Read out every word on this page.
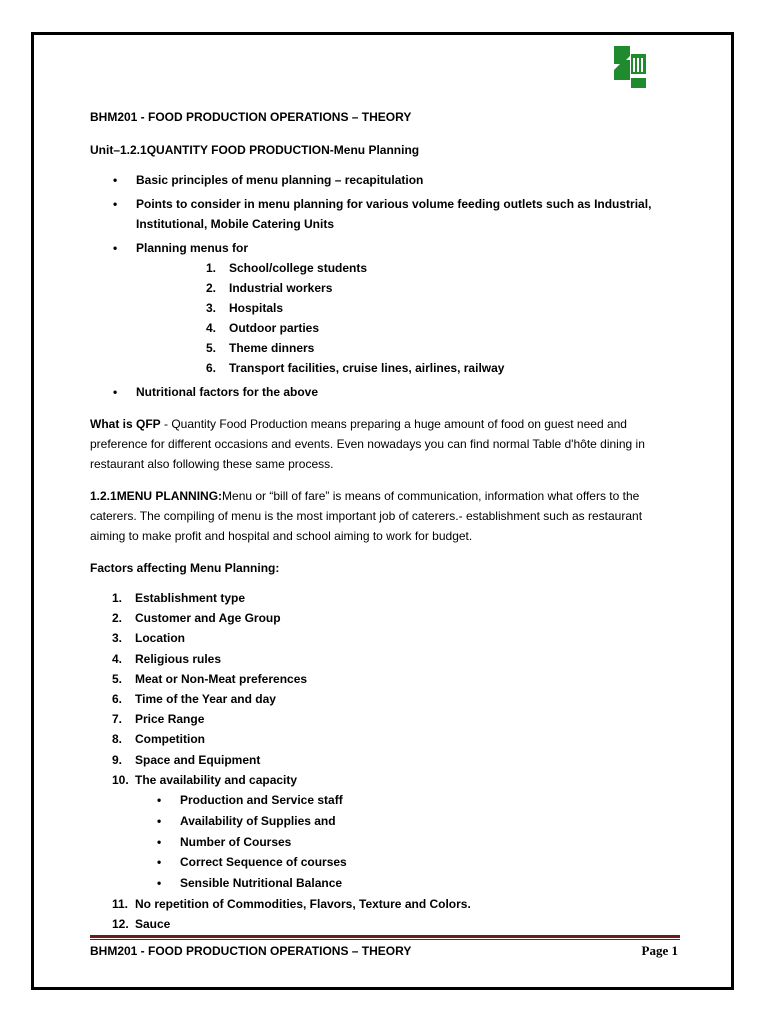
BHM201 - FOOD PRODUCTION OPERATIONS – THEORY
Unit–1.2.1QUANTITY FOOD PRODUCTION-Menu Planning
• Basic principles of menu planning – recapitulation
• Points to consider in menu planning for various volume feeding outlets such as Industrial, Institutional, Mobile Catering Units
• Planning menus for
1. School/college students
2. Industrial workers
3. Hospitals
4. Outdoor parties
5. Theme dinners
6. Transport facilities, cruise lines, airlines, railway
• Nutritional factors for the above

What is QFP - Quantity Food Production means preparing a huge amount of food on guest need and preference for different occasions and events. Even nowadays you can find normal Table d'hôte dining in restaurant also following these same process.

1.2.1MENU PLANNING:Menu or “bill of fare” is means of communication, information what offers to the caterers. The compiling of menu is the most important job of caterers.- establishment such as restaurant aiming to make profit and hospital and school aiming to work for budget.

Factors affecting Menu Planning:
1. Establishment type
2. Customer and Age Group
3. Location
4. Religious rules
5. Meat or Non-Meat preferences
6. Time of the Year and day
7. Price Range
8. Competition
9. Space and Equipment
10. The availability and capacity
• Production and Service staff
• Availability of Supplies and
• Number of Courses
• Correct Sequence of courses
• Sensible Nutritional Balance
11. No repetition of Commodities, Flavors, Texture and Colors.
12. Sauce
BHM201 - FOOD PRODUCTION OPERATIONS – THEORY	Page 1
